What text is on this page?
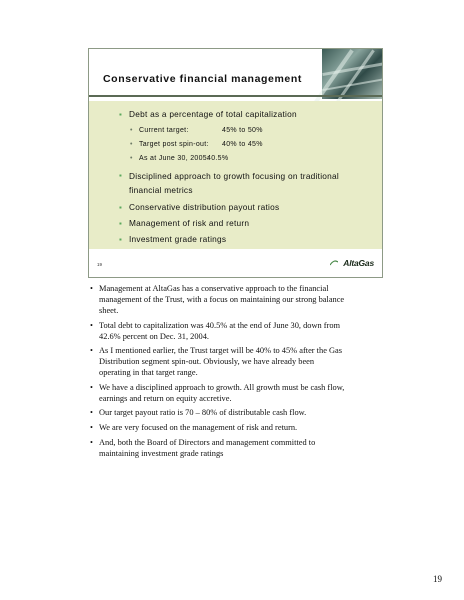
Conservative financial management
▪ Debt as a percentage of total capitalization
• Current target:	45% to 50%
• Target post spin-out: 40% to 45%
• As at June 30, 2005:
40.5%
▪ Disciplined approach to growth focusing on traditional
financial metrics
▪ Conservative distribution payout ratios
▪ Management of risk and return
▪ Investment grade ratings
19	AltaGas
• Management at AltaGas has a conservative approach to the financial
management of the Trust, with a focus on maintaining our strong balance
sheet.
• Total debt to capitalization was 40.5% at the end of June 30, down from
42.6% percent on Dec. 31, 2004.
• As I mentioned earlier, the Trust target will be 40% to 45% after the Gas
Distribution segment spin-out. Obviously, we have already been
operating in that target range.
• We have a disciplined approach to growth. All growth must be cash flow,
earnings and return on equity accretive.
• Our target payout ratio is 70 – 80% of distributable cash flow.
• We are very focused on the management of risk and return.
• And, both the Board of Directors and management committed to
maintaining investment grade ratings
19
